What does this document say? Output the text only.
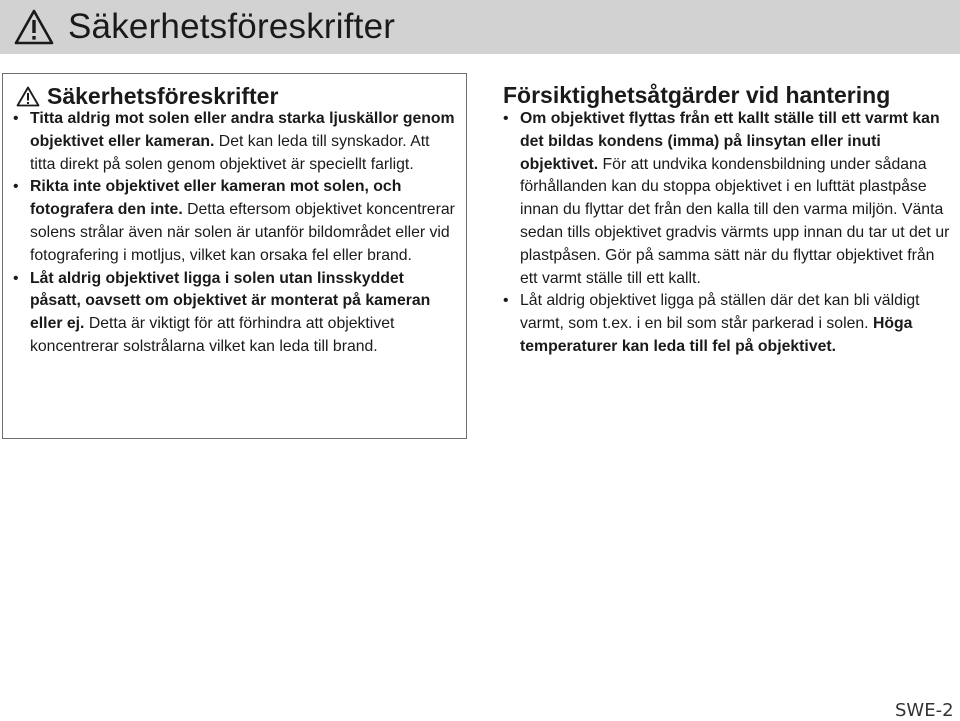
Säkerhetsföreskrifter
Säkerhetsföreskrifter
• Titta aldrig mot solen eller andra starka ljuskällor genom objektivet eller kameran. Det kan leda till synskador. Att titta direkt på solen genom objektivet är speciellt farligt.
• Rikta inte objektivet eller kameran mot solen, och fotografera den inte. Detta eftersom objektivet koncentrerar solens strålar även när solen är utanför bildområdet eller vid fotografering i motljus, vilket kan orsaka fel eller brand.
• Låt aldrig objektivet ligga i solen utan linsskyddet påsatt, oavsett om objektivet är monterat på kameran eller ej. Detta är viktigt för att förhindra att objektivet koncentrerar solstrålarna vilket kan leda till brand.
Försiktighetsåtgärder vid hantering
• Om objektivet flyttas från ett kallt ställe till ett varmt kan det bildas kondens (imma) på linsytan eller inuti objektivet. För att undvika kondensbildning under sådana förhållanden kan du stoppa objektivet i en lufttät plastpåse innan du flyttar det från den kalla till den varma miljön. Vänta sedan tills objektivet gradvis värmts upp innan du tar ut det ur plastpåsen. Gör på samma sätt när du flyttar objektivet från ett varmt ställe till ett kallt.
• Låt aldrig objektivet ligga på ställen där det kan bli väldigt varmt, som t.ex. i en bil som står parkerad i solen. Höga temperaturer kan leda till fel på objektivet.
SWE-2
